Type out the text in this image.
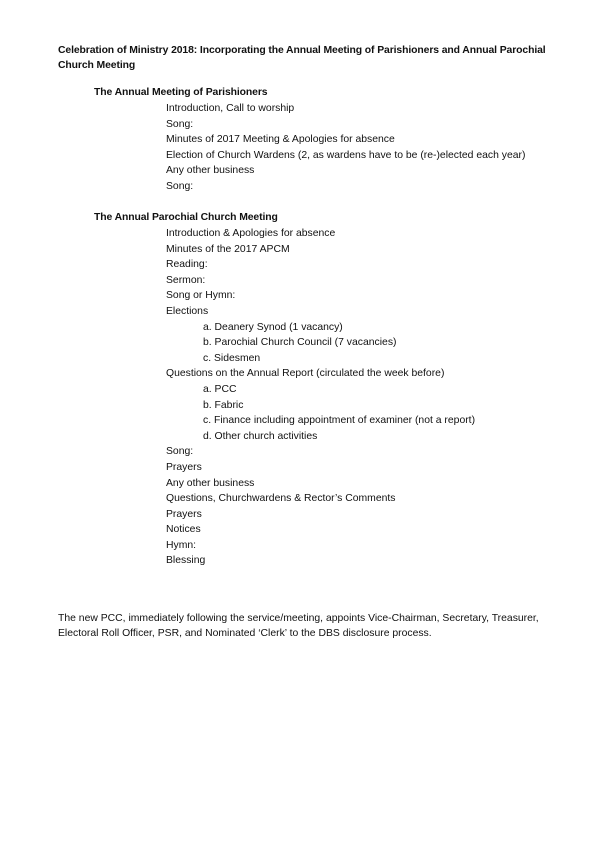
Celebration of Ministry 2018: Incorporating the Annual Meeting of Parishioners and Annual Parochial Church Meeting
The Annual Meeting of Parishioners
Introduction, Call to worship
Song:
Minutes of 2017 Meeting & Apologies for absence
Election of Church Wardens (2, as wardens have to be (re-)elected each year)
Any other business
Song:
The Annual Parochial Church Meeting
Introduction & Apologies for absence
Minutes of the 2017 APCM
Reading:
Sermon:
Song or Hymn:
Elections
a. Deanery Synod (1 vacancy)
b. Parochial Church Council (7 vacancies)
c. Sidesmen
Questions on the Annual Report (circulated the week before)
a. PCC
b. Fabric
c. Finance including appointment of examiner (not a report)
d. Other church activities
Song:
Prayers
Any other business
Questions, Churchwardens & Rector’s Comments
Prayers
Notices
Hymn:
Blessing
The new PCC, immediately following the service/meeting, appoints Vice-Chairman, Secretary, Treasurer, Electoral Roll Officer, PSR, and Nominated ‘Clerk’ to the DBS disclosure process.
